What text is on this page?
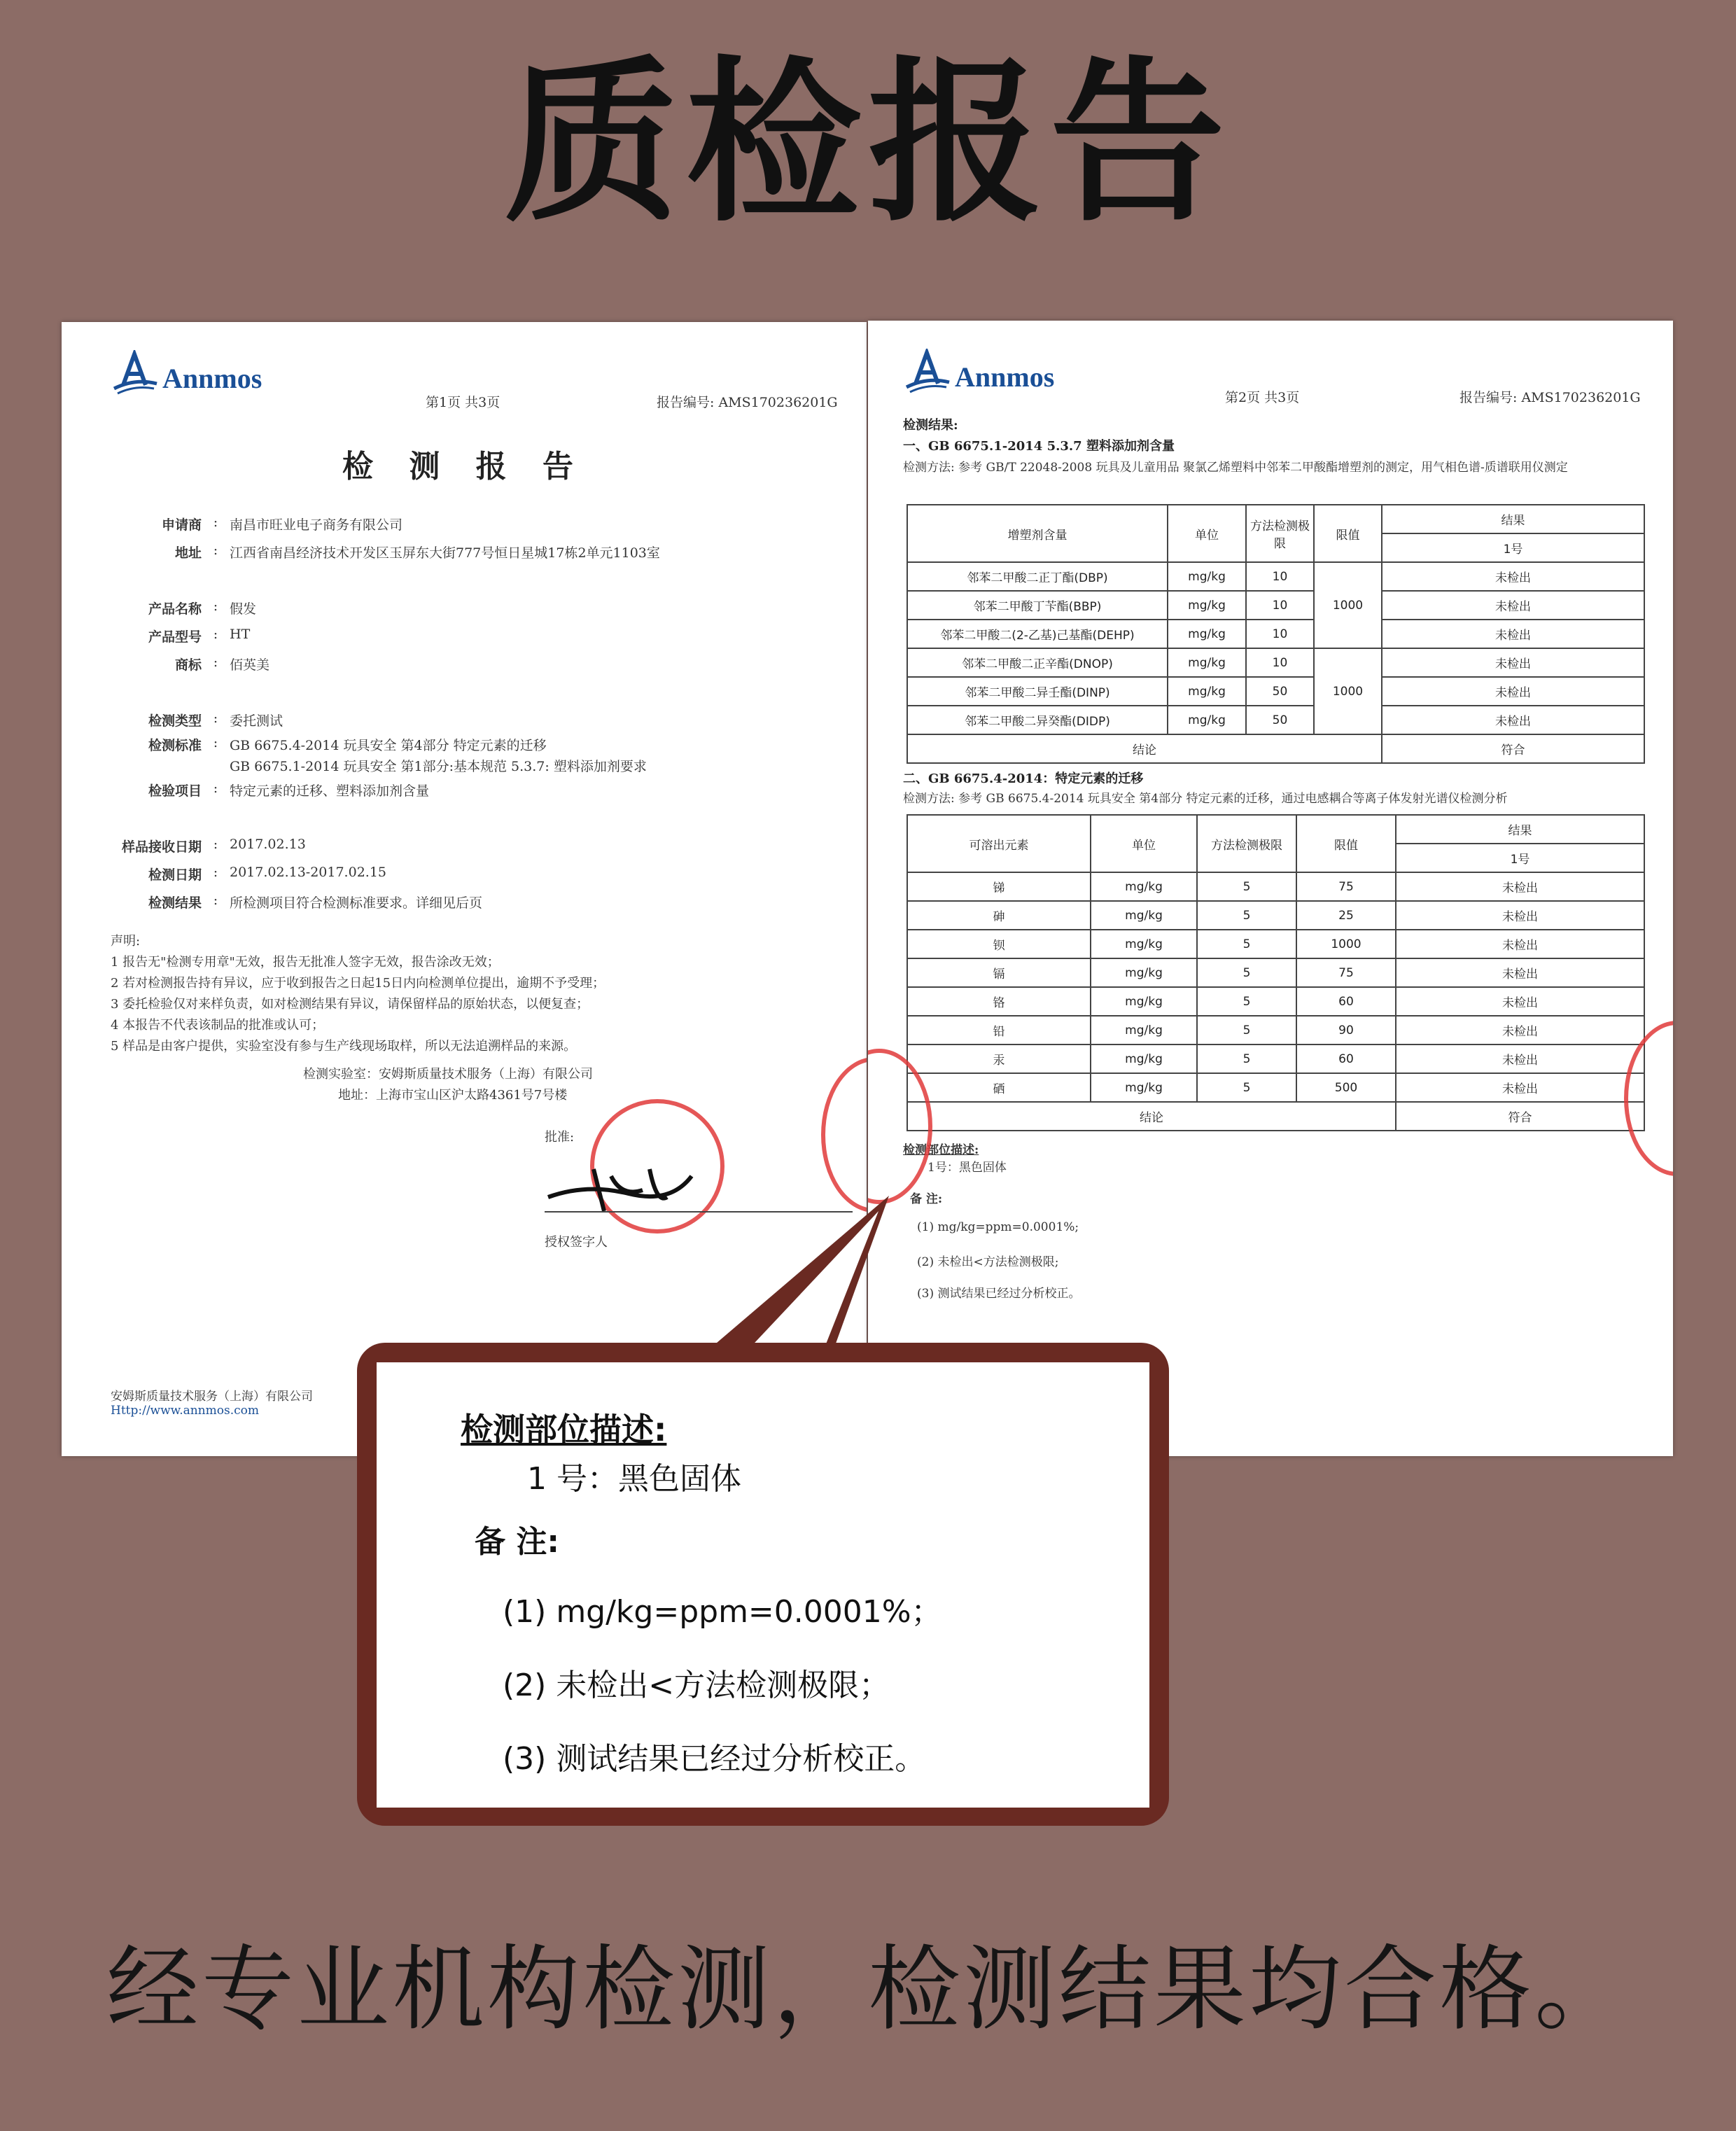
质检报告
Annmos
第1页 共3页	报告编号: AMS170236201G
检 测 报 告
申请商 : 南昌市旺业电子商务有限公司
地址 : 江西省南昌经济技术开发区玉屏东大街777号恒日星城17栋2单元1103室
产品名称 : 假发
产品型号 : HT
商标 : 佰英美
检测类型 : 委托测试
检测标准 : GB 6675.4-2014 玩具安全 第4部分 特定元素的迁移
GB 6675.1-2014 玩具安全 第1部分:基本规范 5.3.7: 塑料添加剂要求
检验项目 : 特定元素的迁移、塑料添加剂含量
样品接收日期 : 2017.02.13
检测日期 : 2017.02.13-2017.02.15
检测结果 : 所检测项目符合检测标准要求。详细见后页
声明:
1 报告无"检测专用章"无效，报告无批准人签字无效，报告涂改无效；
2 若对检测报告持有异议，应于收到报告之日起15日内向检测单位提出，逾期不予受理；
3 委托检验仅对来样负责，如对检测结果有异议，请保留样品的原始状态，以便复查；
4 本报告不代表该制品的批准或认可；
5 样品是由客户提供，实验室没有参与生产线现场取样，所以无法追溯样品的来源。
检测实验室：安姆斯质量技术服务（上海）有限公司
地址：上海市宝山区沪太路4361号7号楼
批准:
授权签字人
安姆斯质量技术服务（上海）有限公司
Http://www.annmos.com
Annmos
第2页 共3页	报告编号: AMS170236201G
检测结果:
一、GB 6675.1-2014 5.3.7 塑料添加剂含量
检测方法: 参考 GB/T 22048-2008 玩具及儿童用品 聚氯乙烯塑料中邻苯二甲酸酯增塑剂的测定，用气相色谱-质谱联用仪测定
增塑剂含量	单位	方法检测极限	限值	结果
				1号
邻苯二甲酸二正丁酯(DBP)	mg/kg	10	1000	未检出
邻苯二甲酸丁苄酯(BBP)	mg/kg	10		未检出
邻苯二甲酸二(2-乙基)己基酯(DEHP)	mg/kg	10		未检出
邻苯二甲酸二正辛酯(DNOP)	mg/kg	10	1000	未检出
邻苯二甲酸二异壬酯(DINP)	mg/kg	50		未检出
邻苯二甲酸二异癸酯(DIDP)	mg/kg	50		未检出
结论				符合
二、GB 6675.4-2014：特定元素的迁移
检测方法: 参考 GB 6675.4-2014 玩具安全 第4部分 特定元素的迁移，通过电感耦合等离子体发射光谱仪检测分析
可溶出元素	单位	方法检测极限	限值	结果
				1号
锑	mg/kg	5	75	未检出
砷	mg/kg	5	25	未检出
钡	mg/kg	5	1000	未检出
镉	mg/kg	5	75	未检出
铬	mg/kg	5	60	未检出
铅	mg/kg	5	90	未检出
汞	mg/kg	5	60	未检出
硒	mg/kg	5	500	未检出
结论				符合
检测部位描述:
1号：黑色固体
备 注:
(1) mg/kg=ppm=0.0001%;
(2) 未检出<方法检测极限;
(3) 测试结果已经过分析校正。
检测部位描述:
1 号：黑色固体
备 注:
(1) mg/kg=ppm=0.0001%；
(2) 未检出<方法检测极限；
(3) 测试结果已经过分析校正。
经专业机构检测，检测结果均合格。
